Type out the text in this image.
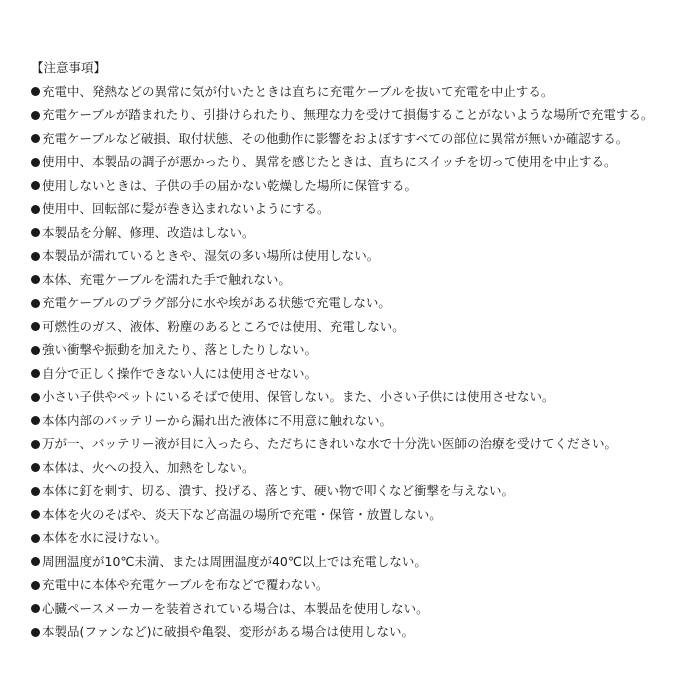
【注意事項】
充電中、発熱などの異常に気が付いたときは直ちに充電ケーブルを抜いて充電を中止する。
充電ケーブルが踏まれたり、引掛けられたり、無理な力を受けて損傷することがないような場所で充電する。
充電ケーブルなど破損、取付状態、その他動作に影響をおよぼすすべての部位に異常が無いか確認する。
使用中、本製品の調子が悪かったり、異常を感じたときは、直ちにスイッチを切って使用を中止する。
使用しないときは、子供の手の届かない乾燥した場所に保管する。
使用中、回転部に髪が巻き込まれないようにする。
本製品を分解、修理、改造はしない。
本製品が濡れているときや、湿気の多い場所は使用しない。
本体、充電ケーブルを濡れた手で触れない。
充電ケーブルのプラグ部分に水や埃がある状態で充電しない。
可燃性のガス、液体、粉塵のあるところでは使用、充電しない。
強い衝撃や振動を加えたり、落としたりしない。
自分で正しく操作できない人には使用させない。
小さい子供やペットにいるそばで使用、保管しない。また、小さい子供には使用させない。
本体内部のバッテリーから漏れ出た液体に不用意に触れない。
万が一、バッテリー液が目に入ったら、ただちにきれいな水で十分洗い医師の治療を受けてください。
本体は、火への投入、加熱をしない。
本体に釘を刺す、切る、潰す、投げる、落とす、硬い物で叩くなど衝撃を与えない。
本体を火のそばや、炎天下など高温の場所で充電・保管・放置しない。
本体を水に浸けない。
周囲温度が10℃未満、または周囲温度が40℃以上では充電しない。
充電中に本体や充電ケーブルを布などで覆わない。
心臓ペースメーカーを装着されている場合は、本製品を使用しない。
本製品(ファンなど)に破損や亀裂、変形がある場合は使用しない。
